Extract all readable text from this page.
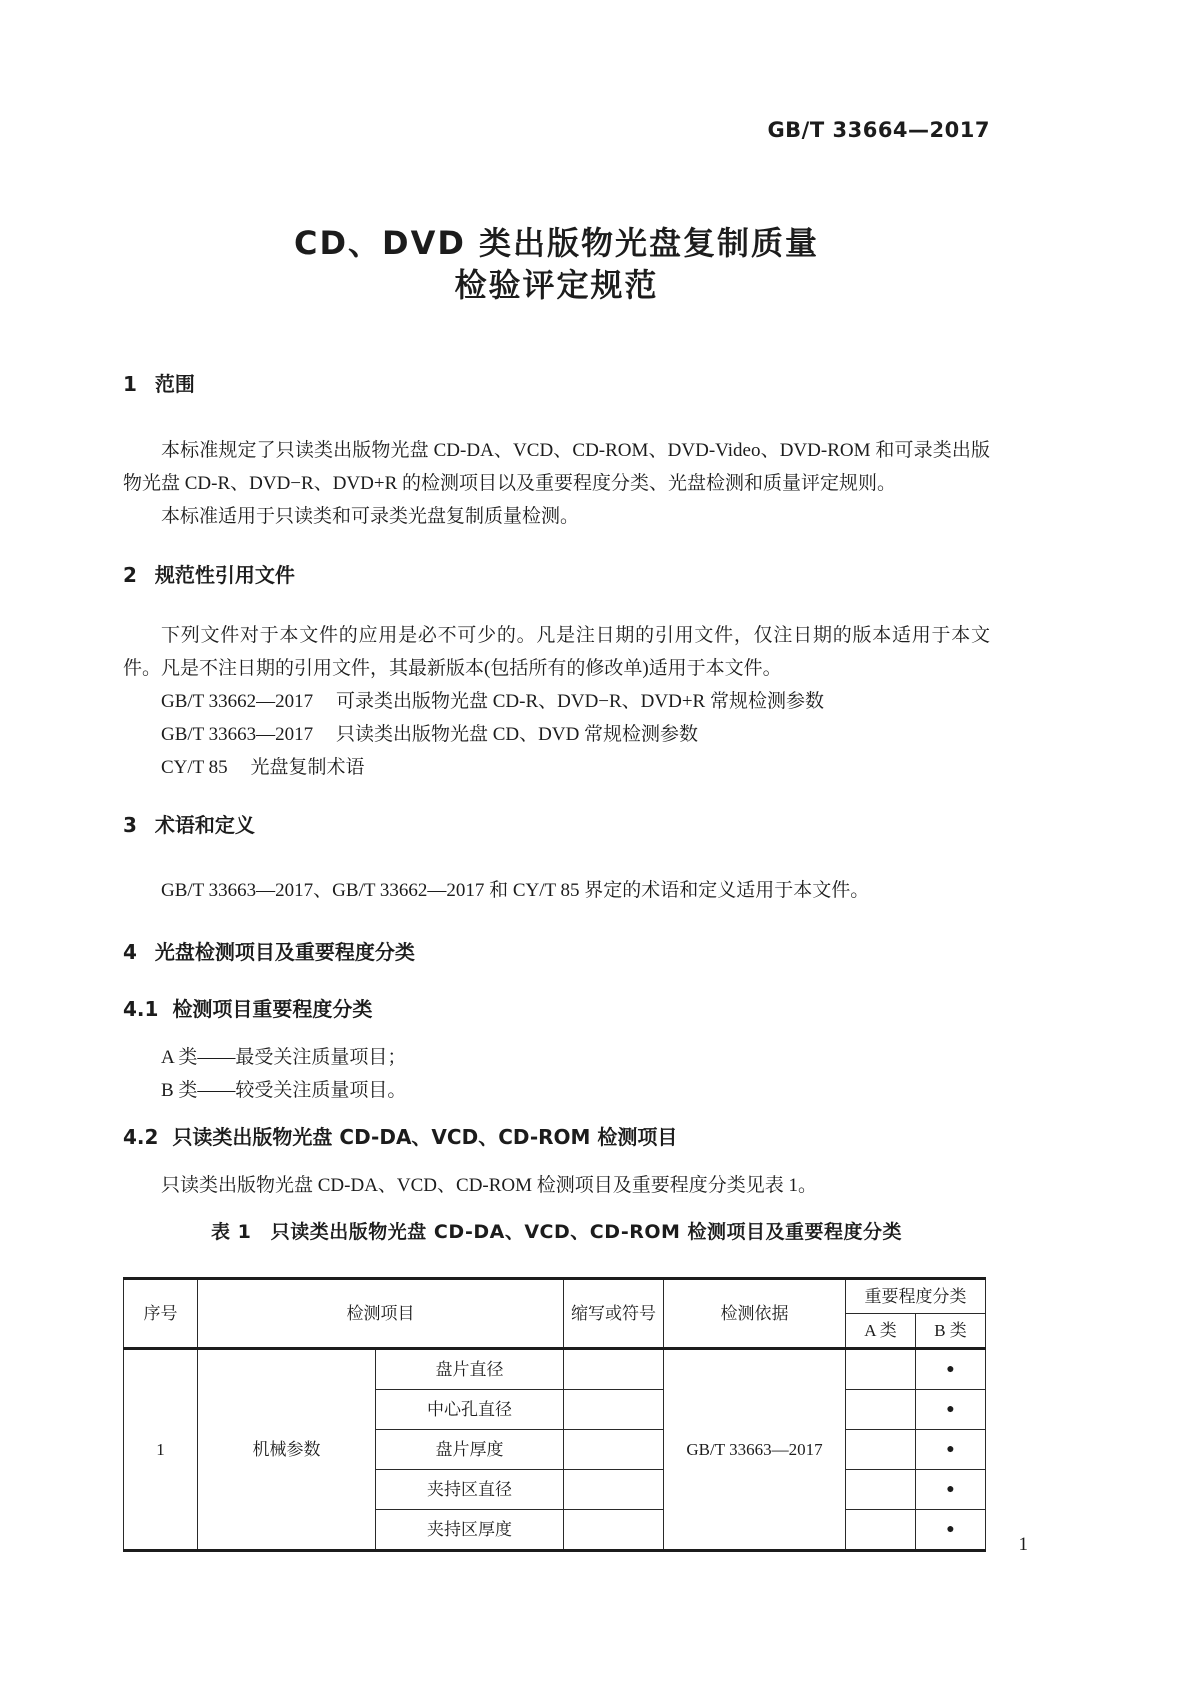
GB/T 33664—2017
CD、DVD 类出版物光盘复制质量
检验评定规范
1 范围

本标准规定了只读类出版物光盘 CD-DA、VCD、CD-ROM、DVD-Video、DVD-ROM 和可录类出版物光盘 CD-R、DVD−R、DVD+R 的检测项目以及重要程度分类、光盘检测和质量评定规则。

本标准适用于只读类和可录类光盘复制质量检测。

2 规范性引用文件

下列文件对于本文件的应用是必不可少的。凡是注日期的引用文件，仅注日期的版本适用于本文件。凡是不注日期的引用文件，其最新版本(包括所有的修改单)适用于本文件。

GB/T 33662—2017 可录类出版物光盘 CD-R、DVD−R、DVD+R 常规检测参数

GB/T 33663—2017 只读类出版物光盘 CD、DVD 常规检测参数

CY/T 85 光盘复制术语

3 术语和定义

GB/T 33663—2017、GB/T 33662—2017 和 CY/T 85 界定的术语和定义适用于本文件。

4 光盘检测项目及重要程度分类
4.1 检测项目重要程度分类

A 类——最受关注质量项目；

B 类——较受关注质量项目。

4.2 只读类出版物光盘 CD-DA、VCD、CD-ROM 检测项目

只读类出版物光盘 CD-DA、VCD、CD-ROM 检测项目及重要程度分类见表 1。

表 1　只读类出版物光盘 CD-DA、VCD、CD-ROM 检测项目及重要程度分类
序号	检测项目		缩写或符号	检测依据	重要程度分类	
					A 类	B 类
1	机械参数	盘片直径		GB/T 33663—2017		●
		中心孔直径				●
		盘片厚度				●
		夹持区直径				●
		夹持区厚度				●
1
